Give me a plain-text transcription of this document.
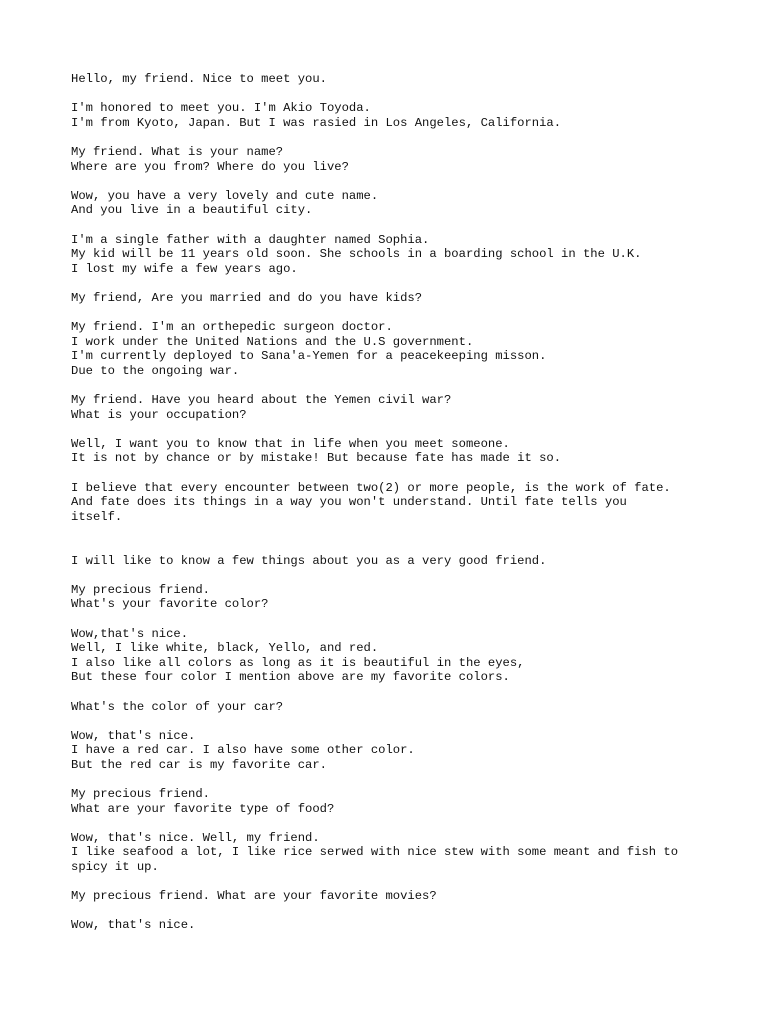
Hello, my friend. Nice to meet you.
I'm honored to meet you. I'm Akio Toyoda.
I'm from Kyoto, Japan. But I was rasied in Los Angeles, California.
My friend. What is your name?
Where are you from? Where do you live?
Wow, you have a very lovely and cute name.
And you live in a beautiful city.
I'm a single father with a daughter named Sophia.
My kid will be 11 years old soon. She schools in a boarding school in the U.K.
I lost my wife a few years ago.
My friend, Are you married and do you have kids?
My friend. I'm an orthepedic surgeon doctor.
I work under the United Nations and the U.S government.
I'm currently deployed to Sana'a-Yemen for a peacekeeping misson.
Due to the ongoing war.
My friend. Have you heard about the Yemen civil war?
What is your occupation?
Well, I want you to know that in life when you meet someone.
It is not by chance or by mistake! But because fate has made it so.
I believe that every encounter between two(2) or more people, is the work of fate.
And fate does its things in a way you won't understand. Until fate tells you
itself.
I will like to know a few things about you as a very good friend.
My precious friend.
What's your favorite color?
Wow,that's nice.
Well, I like white, black, Yello, and red.
I also like all colors as long as it is beautiful in the eyes,
But these four color I mention above are my favorite colors.
What's the color of your car?
Wow, that's nice.
I have a red car. I also have some other color.
But the red car is my favorite car.
My precious friend.
What are your favorite type of food?
Wow, that's nice. Well, my friend.
I like seafood a lot, I like rice serwed with nice stew with some meant and fish to
spicy it up.
My precious friend. What are your favorite movies?
Wow, that's nice.
